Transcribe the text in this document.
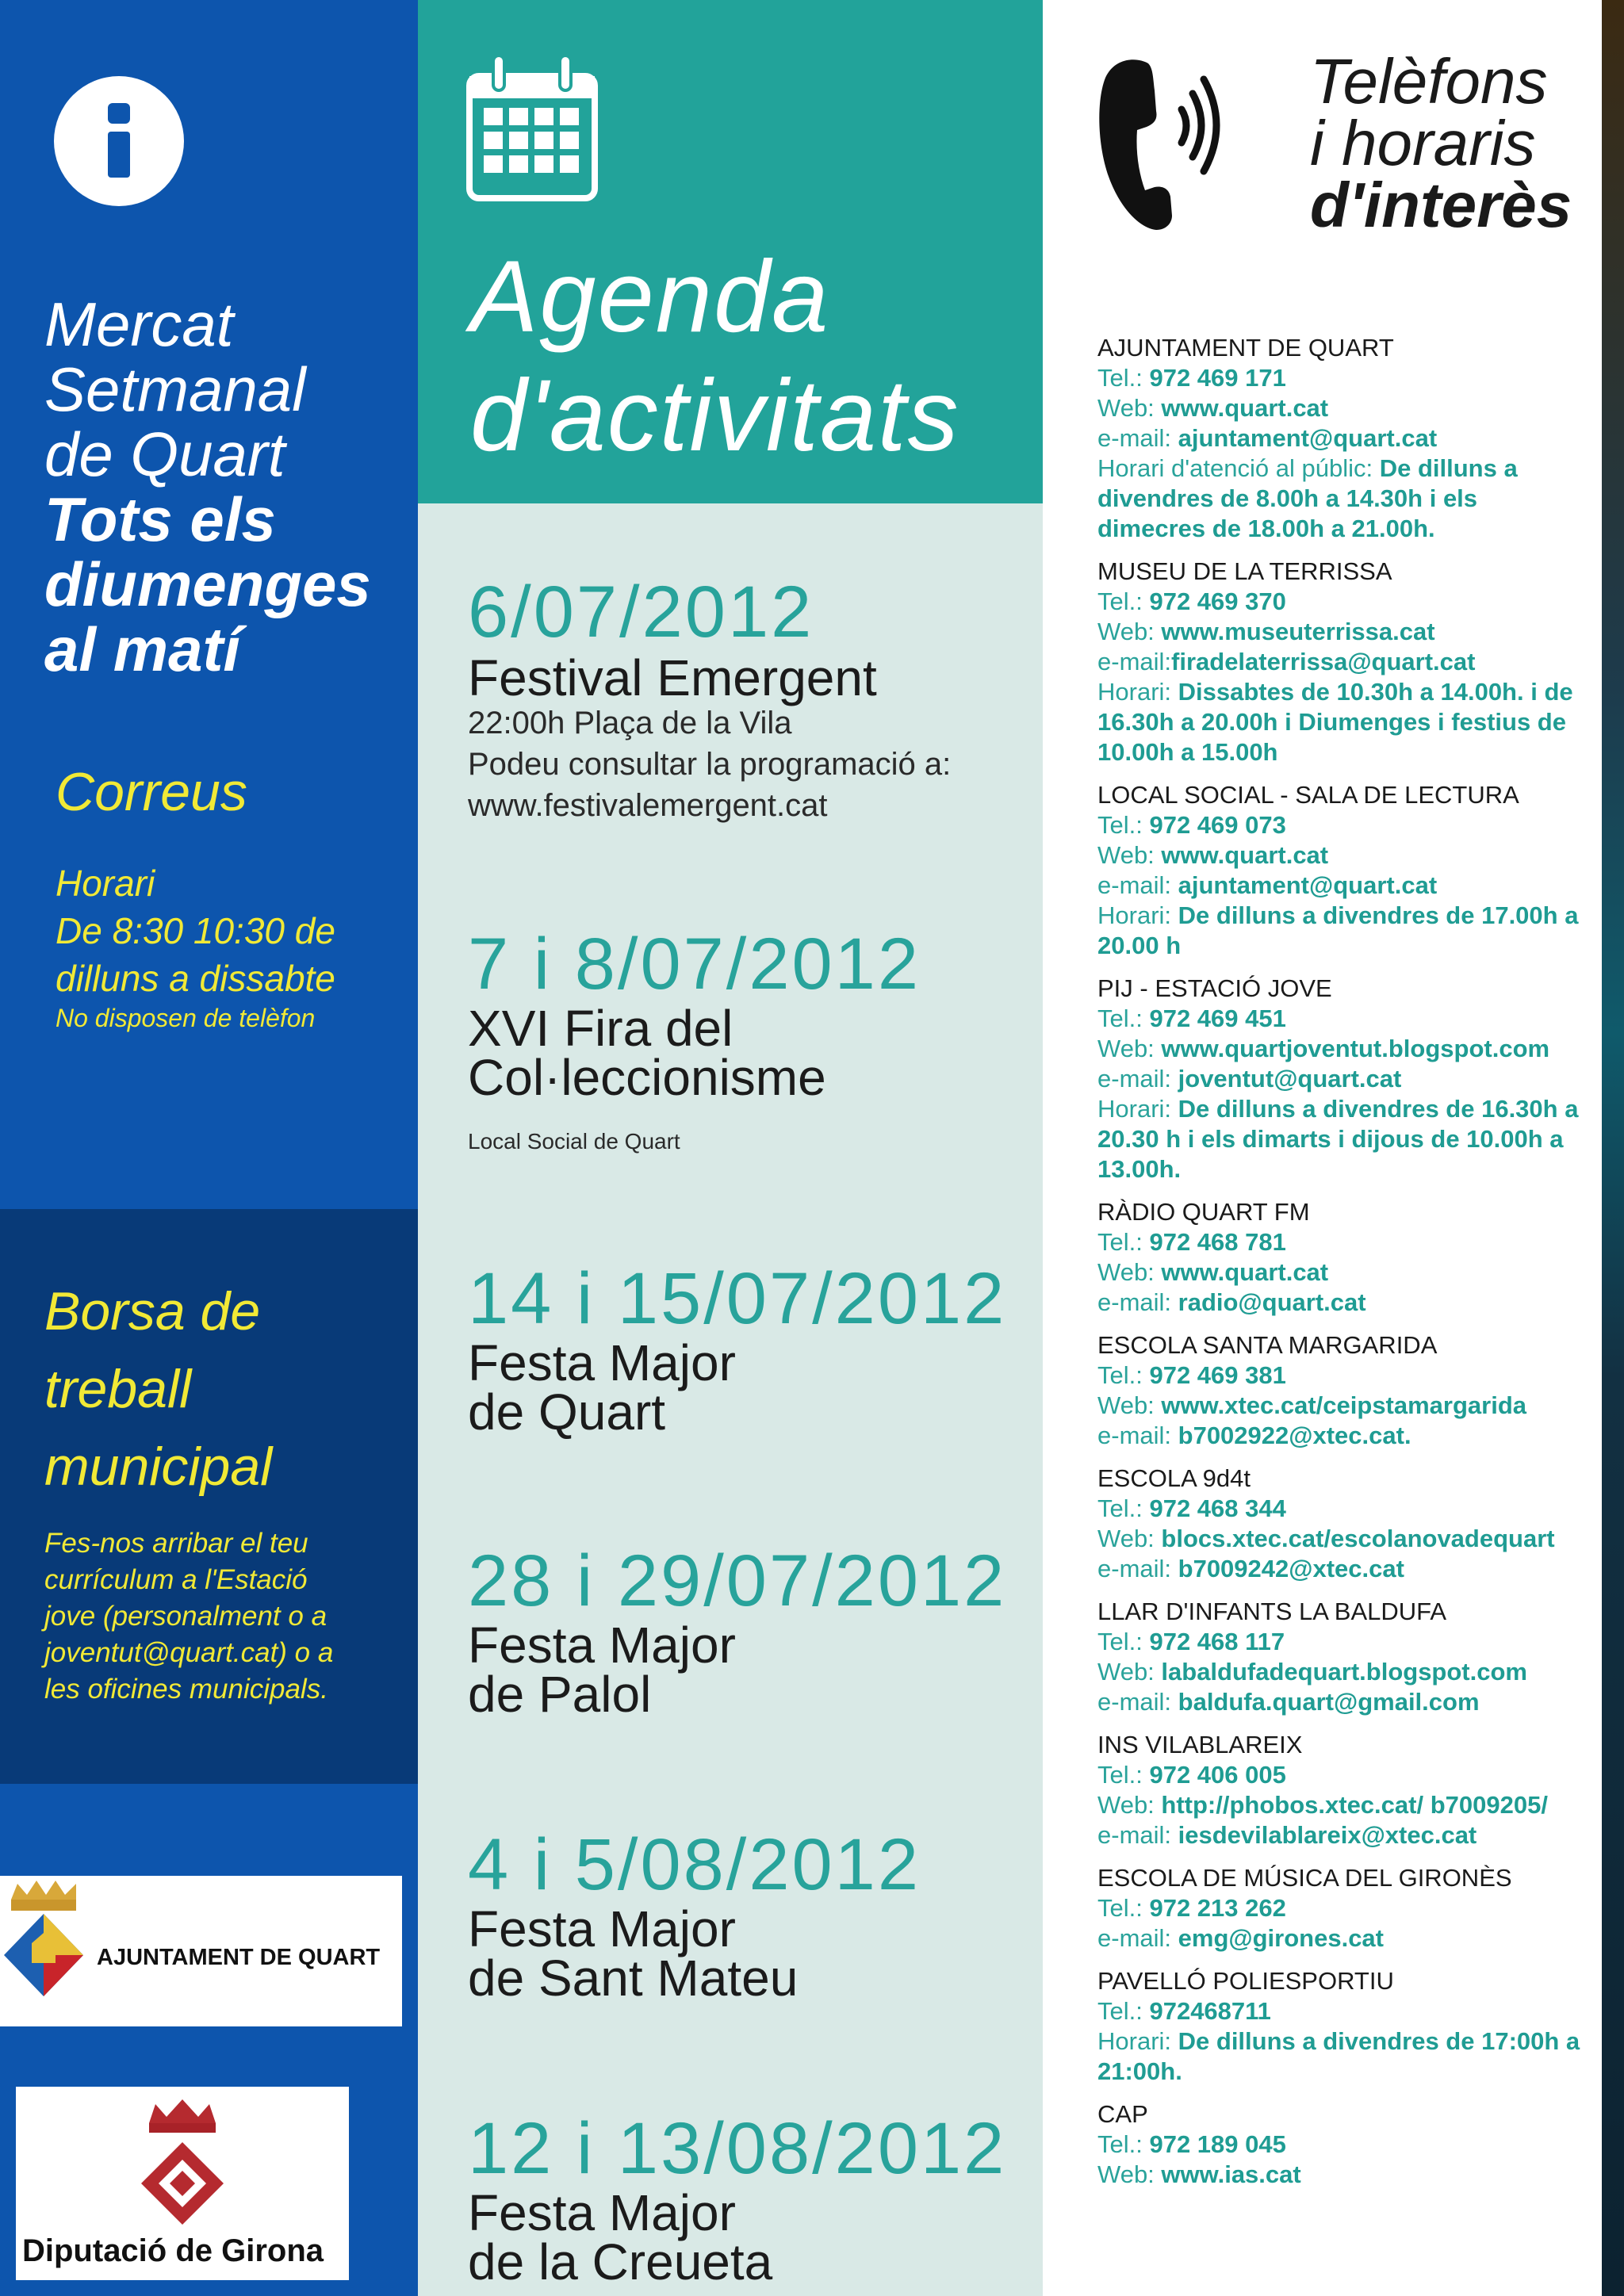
Mercat
Setmanal
de Quart
Tots els
diumenges
al matí
Correus
Horari
De 8:30 10:30 de
dilluns a dissabte
No disposen de telèfon
Borsa de
treball
municipal
Fes-nos arribar el teu
currículum a l'Estació
jove (personalment o a
joventut@quart.cat) o a
les oficines municipals.
AJUNTAMENT DE QUART
Diputació de Girona
Agenda
d'activitats
6/07/2012
Festival Emergent
22:00h Plaça de la Vila
Podeu consultar la programació a:
www.festivalemergent.cat
7 i 8/07/2012
XVI Fira del
Col·leccionisme
Local Social de Quart
14 i 15/07/2012
Festa Major
de Quart
28 i 29/07/2012
Festa Major
de Palol
4 i 5/08/2012
Festa Major
de Sant Mateu
12 i 13/08/2012
Festa Major
de la Creueta
Telèfons
i horaris
d'interès
AJUNTAMENT DE QUART
Tel.: 972 469 171
Web: www.quart.cat
e-mail: ajuntament@quart.cat
Horari d'atenció al públic: De dilluns a divendres de 8.00h a 14.30h i els dimecres de 18.00h a 21.00h.
MUSEU DE LA TERRISSA
Tel.: 972 469 370
Web: www.museuterrissa.cat
e-mail:firadelaterrissa@quart.cat
Horari: Dissabtes de 10.30h a 14.00h. i de 16.30h a 20.00h i Diumenges i festius de 10.00h a 15.00h
LOCAL SOCIAL - SALA DE LECTURA
Tel.: 972 469 073
Web: www.quart.cat
e-mail: ajuntament@quart.cat
Horari: De dilluns a divendres de 17.00h a 20.00 h
PIJ - ESTACIÓ JOVE
Tel.: 972 469 451
Web: www.quartjoventut.blogspot.com
e-mail: joventut@quart.cat
Horari: De dilluns a divendres de 16.30h a 20.30 h i els dimarts i dijous de 10.00h a 13.00h.
RÀDIO QUART FM
Tel.: 972 468 781
Web: www.quart.cat
e-mail: radio@quart.cat
ESCOLA SANTA MARGARIDA
Tel.: 972 469 381
Web: www.xtec.cat/ceipstamargarida
e-mail: b7002922@xtec.cat.
ESCOLA 9d4t
Tel.: 972 468 344
Web: blocs.xtec.cat/escolanovadequart
e-mail: b7009242@xtec.cat
LLAR D'INFANTS LA BALDUFA
Tel.: 972 468 117
Web: labaldufadequart.blogspot.com
e-mail: baldufa.quart@gmail.com
INS VILABLAREIX
Tel.: 972 406 005
Web: http://phobos.xtec.cat/ b7009205/
e-mail: iesdevilablareix@xtec.cat
ESCOLA DE MÚSICA DEL GIRONÈS
Tel.: 972 213 262
e-mail: emg@girones.cat
PAVELLÓ POLIESPORTIU
Tel.: 972468711
Horari: De dilluns a divendres de 17:00h a 21:00h.
CAP
Tel.: 972 189 045
Web: www.ias.cat
